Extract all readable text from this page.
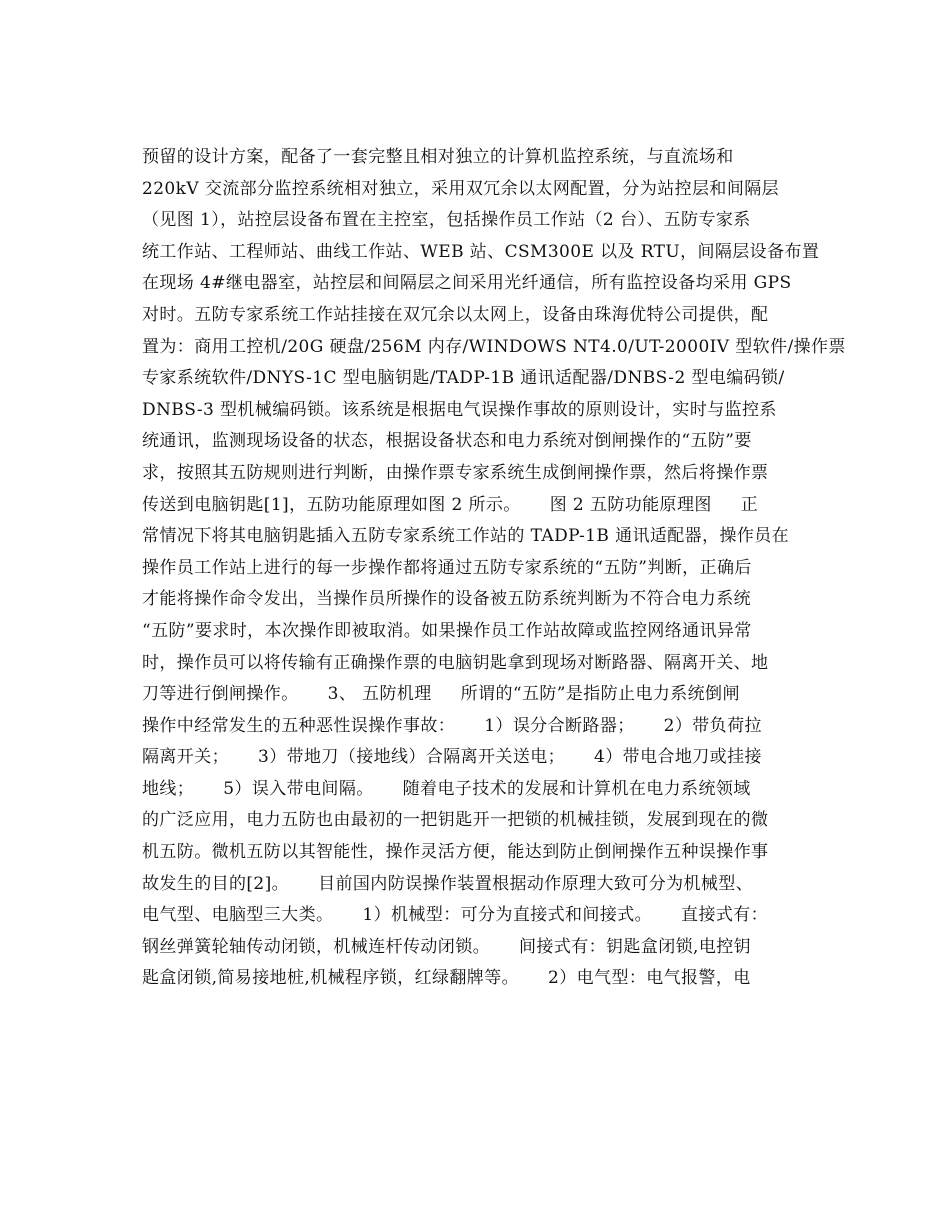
预留的设计方案，配备了一套完整且相对独立的计算机监控系统，与直流场和
220kV 交流部分监控系统相对独立，采用双冗余以太网配置，分为站控层和间隔层
（见图 1），站控层设备布置在主控室，包括操作员工作站（2 台）、五防专家系
统工作站、工程师站、曲线工作站、WEB 站、CSM300E 以及 RTU，间隔层设备布置
在现场 4#继电器室，站控层和间隔层之间采用光纤通信，所有监控设备均采用 GPS
对时。五防专家系统工作站挂接在双冗余以太网上，设备由珠海优特公司提供，配
置为：商用工控机/20G 硬盘/256M 内存/WINDOWS NT4.0/UT-2000IV 型软件/操作票
专家系统软件/DNYS-1C 型电脑钥匙/TADP-1B 通讯适配器/DNBS-2 型电编码锁/
DNBS-3 型机械编码锁。该系统是根据电气误操作事故的原则设计，实时与监控系
统通讯，监测现场设备的状态，根据设备状态和电力系统对倒闸操作的“五防”要
求，按照其五防规则进行判断，由操作票专家系统生成倒闸操作票，然后将操作票
传送到电脑钥匙[1]，五防功能原理如图 2 所示。     图 2 五防功能原理图     正
常情况下将其电脑钥匙插入五防专家系统工作站的 TADP-1B 通讯适配器，操作员在
操作员工作站上进行的每一步操作都将通过五防专家系统的“五防”判断，正确后
才能将操作命令发出，当操作员所操作的设备被五防系统判断为不符合电力系统
“五防”要求时，本次操作即被取消。如果操作员工作站故障或监控网络通讯异常
时，操作员可以将传输有正确操作票的电脑钥匙拿到现场对断路器、隔离开关、地
刀等进行倒闸操作。     3、 五防机理     所谓的“五防”是指防止电力系统倒闸
操作中经常发生的五种恶性误操作事故：     1）误分合断路器；     2）带负荷拉
隔离开关；     3）带地刀（接地线）合隔离开关送电；     4）带电合地刀或挂接
地线；     5）误入带电间隔。     随着电子技术的发展和计算机在电力系统领域
的广泛应用，电力五防也由最初的一把钥匙开一把锁的机械挂锁，发展到现在的微
机五防。微机五防以其智能性，操作灵活方便，能达到防止倒闸操作五种误操作事
故发生的目的[2]。     目前国内防误操作装置根据动作原理大致可分为机械型、
电气型、电脑型三大类。     1）机械型：可分为直接式和间接式。     直接式有：
钢丝弹簧轮轴传动闭锁，机械连杆传动闭锁。     间接式有：钥匙盒闭锁,电控钥
匙盒闭锁,简易接地桩,机械程序锁，红绿翻牌等。     2）电气型：电气报警，电
